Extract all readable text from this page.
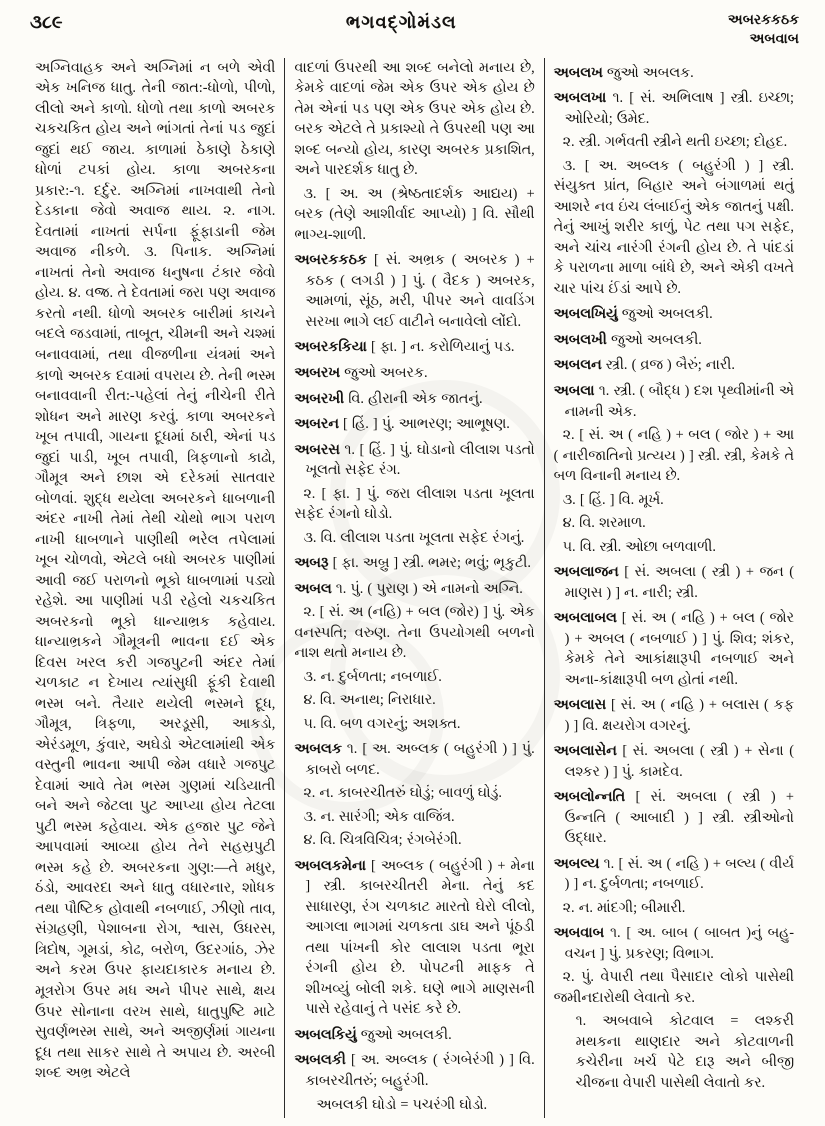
૩૮૯	ભગવદ્ગોમંડલ	અબરકકઠક
અબવાબ

અગ્નિવાહક અને અગ્નિમાં ન બળે એવી એક ખનિજ ધાતુ. તેની જાત:-ધોળો, પીળો, લીલો અને કાળો. ધોળો તથા કાળો અબરક ચકચકિત હોય અને ભાંગતાં તેનાં પડ જુદાં જુદાં થઈ જાય. કાળામાં ઠેકાણે ઠેકાણે ધોળાં ટપકાં હોય. કાળા અબરકના પ્રકાર:-૧. દર્દુર. અગ્નિમાં નાખવાથી તેનો દેડકાના જેવો અવાજ થાય. ૨. નાગ. દેવતામાં નાખતાં સર્પના ફૂંફાડાની જેમ અવાજ નીકળે. ૩. પિનાક. અગ્નિમાં નાખતાં તેનો અવાજ ધનુષના ટંકાર જેવો હોય. ૪. વજ્ર. તે દેવતામાં જરા પણ અવાજ કરતો નથી. ધોળો અબરક બારીમાં કાચને બદલે જડવામાં, તાબૂત, ચીમની અને ચશ્માં બનાવવામાં, તથા વીજળીના યંત્રમાં અને કાળો અબરક દવામાં વપરાય છે. તેની ભસ્મ બનાવવાની રીત:-પહેલાં તેનું નીચેની રીતે શોધન અને મારણ કરવું. કાળા અબરકને ખૂબ તપાવી, ગાયના દૂધમાં ઠારી, એનાં પડ જુદાં પાડી, ખૂબ તપાવી, ત્રિફળાનો કાઢો, ગૌમૂત્ર અને છાશ એ દરેકમાં સાતવાર બોળવાં. શુદ્ધ થયેલા અબરકને ધાબળાની અંદર નાખી તેમાં તેથી ચોથો ભાગ પરાળ નાખી ધાબળાને પાણીથી ભરેલ તપેલામાં ખૂબ ચોળવો, એટલે બધો અબરક પાણીમાં આવી જઈ પરાળનો ભૂકો ધાબળામાં પડ્યો રહેશે. આ પાણીમાં પડી રહેલો ચકચકિત અબરકનો ભૂકો ધાન્યાભ્રક કહેવાય. ધાન્યાભ્રકને ગૌમૂત્રની ભાવના દઈ એક દિવસ ખરલ કરી ગજપુટની અંદર તેમાં ચળકાટ ન દેખાય ત્યાંસુધી ફૂંકી દેવાથી ભસ્મ બને. તૈયાર થયેલી ભસ્મને દૂધ, ગૌમૂત્ર, ત્રિફળા, અરડૂસી, આકડો, એરંડમૂળ, કુંવાર, અઘેડો એટલામાંથી એક વસ્તુની ભાવના આપી જેમ વધારે ગજપુટ દેવામાં આવે તેમ ભસ્મ ગુણમાં ચડિયાતી બને અને જેટલા પુટ આપ્યા હોય તેટલા પુટી ભસ્મ કહેવાય. એક હજાર પુટ જેને આપવામાં આવ્યા હોય તેને સહસ્રપુટી ભસ્મ કહે છે. અબરકના ગુણ:—તે મધુર, ઠંડો, આવરદા અને ધાતુ વધારનાર, શોધક તથા પૌષ્ટિક હોવાથી નબળાઈ, ઝીણો તાવ, સંગ્રહણી, પેશાબના રોગ, શ્વાસ, ઉધરસ, ત્રિદોષ, ગૂમડાં, કોઢ, બરોળ, ઉદરગાંઠ, ઝેર અને કરમ ઉપર ફાયદાકારક મનાય છે. મૂત્રરોગ ઉપર મધ અને પીપર સાથે, ક્ષય ઉપર સોનાના વરખ સાથે, ધાતુપુષ્ટિ માટે સુવર્ણભસ્મ સાથે, અને અજીર્ણમાં ગાયના દૂધ તથા સાકર સાથે તે અપાય છે. અરબી શબ્દ અભ્ર એટલે

વાદળાં ઉપરથી આ શબ્દ બનેલો મનાય છે, કેમકે વાદળાં જેમ એક ઉપર એક હોય છે તેમ એનાં પડ પણ એક ઉપર એક હોય છે. બરક એટલે તે પ્રકાશ્યો તે ઉપરથી પણ આ શબ્દ બન્યો હોય, કારણ અબરક પ્રકાશિત, અને પારદર્શક ધાતુ છે.

૩. [ અ. અ (શ્રેષ્ઠતાદર્શક આદ્યય) + બરક (તેણે આશીર્વાદ આપ્યો) ] વિ. સૌથી ભાગ્ય-શાળી.

અબરકકઠક [ સં. અભ્રક ( અબરક ) + કઠક ( લગડી ) ] પું. ( વૈદક ) અબરક, આમળાં, સૂંઠ, મરી, પીપર અને વાવડિંગ સરખા ભાગે લઈ વાટીને બનાવેલો લોંદો.

અબરકકિયા [ ફા. ] ન. કરોળિયાનું પડ.

અબરખ જુઓ અબરક.

અબરખી વિ. હીરાની એક જાતનું.

અબરન [ હિં. ] પું. આભરણ; આભૂષણ.

અબરસ ૧. [ હિં. ] પું. ઘોડાનો લીલાશ પડતો ખૂલતો સફેદ રંગ.

૨. [ ફા. ] પું. જરા લીલાશ પડતા ખૂલતા સફેદ રંગનો ઘોડો.

૩. વિ. લીલાશ પડતા ખૂલતા સફેદ રંગનું.

અબરૂ [ ફા. અબ્રુ ] સ્ત્રી. ભમર; ભવું; ભૃકુટી.

અબલ ૧. પું. ( પુરાણ ) એ નામનો અગ્નિ.

૨. [ સં. અ (નહિ) + બલ (જોર) ] પું. એક વનસ્પતિ; વરુણ. તેના ઉપયોગથી બળનો નાશ થતો મનાય છે.

૩. ન. દુર્બળતા; નબળાઈ.

૪. વિ. અનાથ; નિરાધાર.

૫. વિ. બળ વગરનું; અશક્ત.

અબલક ૧. [ અ. અબ્લક ( બહુરંગી ) ] પું. કાબરો બળદ.

૨. ન. કાબરચીતરું ઘોડું; બાવળું ઘોડું.

૩. ન. સારંગી; એક વાજિંત્ર.

૪. વિ. ચિત્રવિચિત્ર; રંગબેરંગી.

અબલકમેના [ અબ્લક ( બહુરંગી ) + મેના ] સ્ત્રી. કાબરચીતરી મેના. તેનું કદ સાધારણ, રંગ ચળકાટ મારતો ઘેરો લીલો, આગલા ભાગમાં ચળકતા ડાઘ અને પૂંઠડી તથા પાંખની કોર લાલાશ પડતા ભૂરા રંગની હોય છે. પોપટની માફક તે શીખવ્યું બોલી શકે. ઘણે ભાગે માણસની પાસે રહેવાનું તે પસંદ કરે છે.

અબલકિયું જુઓ અબલકી.

અબલકી [ અ. અબ્લક ( રંગબેરંગી ) ] વિ. કાબરચીતરું; બહુરંગી.

અબલકી ઘોડો = પચરંગી ઘોડો.

અબલખ જુઓ અબલક.

અબલખા ૧. [ સં. અભિલાષ ] સ્ત્રી. ઇચ્છા; ઓરિયો; ઉમેદ.

૨. સ્ત્રી. ગર્ભવતી સ્ત્રીને થતી ઇચ્છા; દોહદ.

૩. [ અ. અબ્લક ( બહુરંગી ) ] સ્ત્રી. સંયુક્ત પ્રાંત, બિહાર અને બંગાળમાં થતું આશરે નવ ઇંચ લંબાઈનું એક જાતનું પક્ષી. તેનું આખું શરીર કાળું, પેટ તથા પગ સફેદ, અને ચાંચ નારંગી રંગની હોય છે. તે પાંદડાં કે પરાળના માળા બાંધે છે, અને એકી વખતે ચાર પાંચ ઈંડાં આપે છે.

અબલખિયું જુઓ અબલકી.

અબલખી જુઓ અબલકી.

અબલન સ્ત્રી. ( વ્રજ ) બૈરું; નારી.

અબલા ૧. સ્ત્રી. ( બૌદ્ધ ) દશ પૃથ્વીમાંની એ નામની એક.

૨. [ સં. અ ( નહિ ) + બલ ( જોર ) + આ ( નારીજાતિનો પ્રત્યય ) ] સ્ત્રી. સ્ત્રી, કેમકે તે બળ વિનાની મનાય છે.

૩. [ હિં. ] વિ. મૂર્ખ.

૪. વિ. શરમાળ.

૫. વિ. સ્ત્રી. ઓછા બળવાળી.

અબલાજન [ સં. અબલા ( સ્ત્રી ) + જન ( માણસ ) ] ન. નારી; સ્ત્રી.

અબલાબલ [ સં. અ ( નહિ ) + બલ ( જોર ) + અબલ ( નબળાઈ ) ] પું. શિવ; શંકર, કેમકે તેને આકાંક્ષારૂપી નબળાઈ અને અના-કાંક્ષારૂપી બળ હોતાં નથી.

અબલાસ [ સં. અ ( નહિ ) + બલાસ ( કફ ) ] વિ. ક્ષયરોગ વગરનું.

અબલાસેન [ સં. અબલા ( સ્ત્રી ) + સેના ( લશ્કર ) ] પું. કામદેવ.

અબલોન્નતિ [ સં. અબલા ( સ્ત્રી ) + ઉન્નતિ ( આબાદી ) ] સ્ત્રી. સ્ત્રીઓનો ઉદ્ધાર.

અબલ્ય ૧. [ સં. અ ( નહિ ) + બલ્ય ( વીર્ય ) ] ન. દુર્બળતા; નબળાઈ.

૨. ન. માંદગી; બીમારી.

અબવાબ ૧. [ અ. બાબ ( બાબત )નું બહુ-વચન ] પું. પ્રકરણ; વિભાગ.

૨. પું. વેપારી તથા પૈસાદાર લોકો પાસેથી જમીનદારોથી લેવાતો કર.

૧. અબવાબે કોટવાલ = લશ્કરી મથકના થાણદાર અને કોટવાળની કચેરીના ખર્ચ પેટે દારૂ અને બીજી ચીજના વેપારી પાસેથી લેવાતો કર.
